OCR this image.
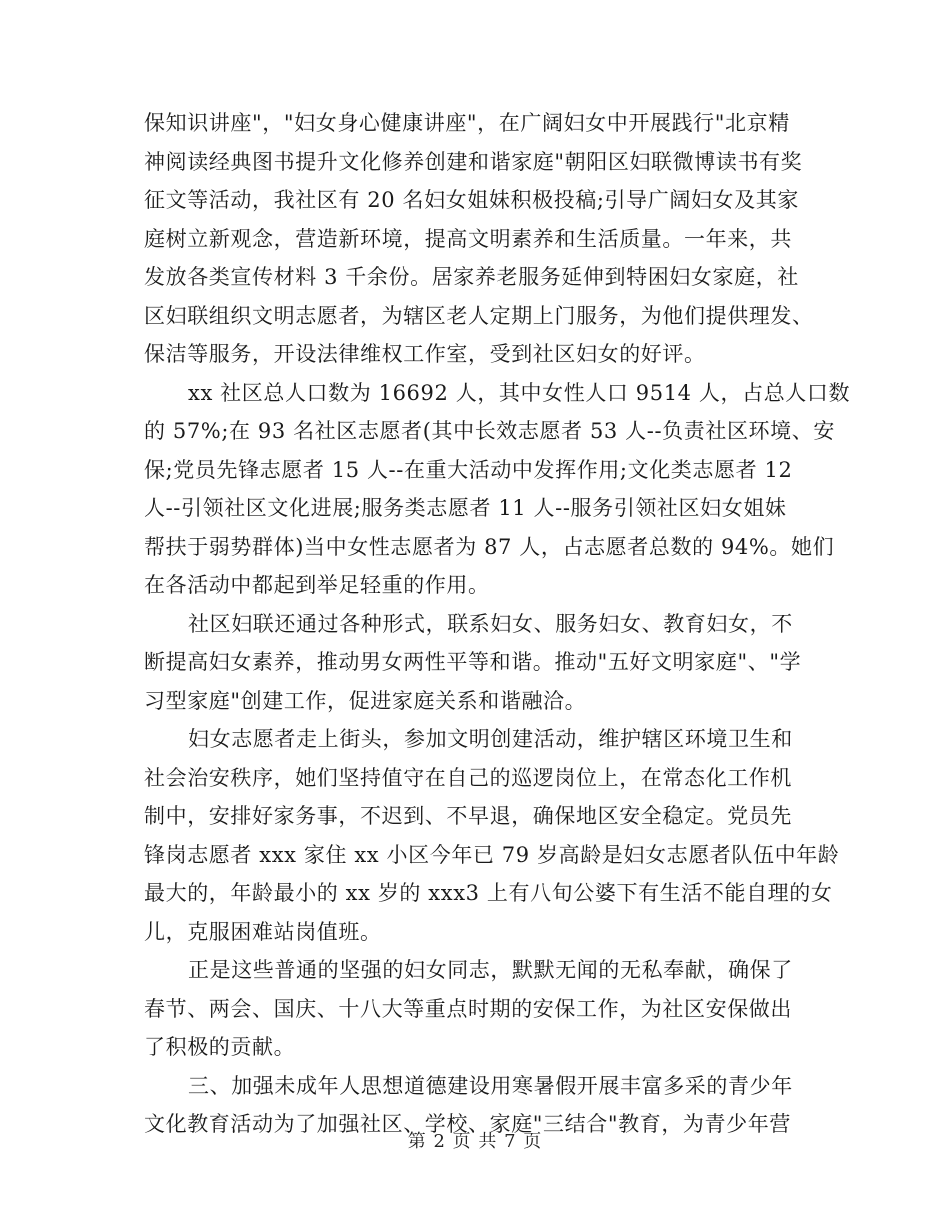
保知识讲座"，"妇女身心健康讲座"，在广阔妇女中开展践行"北京精
神阅读经典图书提升文化修养创建和谐家庭"朝阳区妇联微博读书有奖
征文等活动，我社区有 20 名妇女姐妹积极投稿;引导广阔妇女及其家
庭树立新观念，营造新环境，提高文明素养和生活质量。一年来，共
发放各类宣传材料 3 千余份。居家养老服务延伸到特困妇女家庭，社
区妇联组织文明志愿者，为辖区老人定期上门服务，为他们提供理发、
保洁等服务，开设法律维权工作室，受到社区妇女的好评。

xx 社区总人口数为 16692 人，其中女性人口 9514 人，占总人口数
的 57%;在 93 名社区志愿者(其中长效志愿者 53 人--负责社区环境、安
保;党员先锋志愿者 15 人--在重大活动中发挥作用;文化类志愿者 12
人--引领社区文化进展;服务类志愿者 11 人--服务引领社区妇女姐妹
帮扶于弱势群体)当中女性志愿者为 87 人，占志愿者总数的 94%。她们
在各活动中都起到举足轻重的作用。

社区妇联还通过各种形式，联系妇女、服务妇女、教育妇女，不
断提高妇女素养，推动男女两性平等和谐。推动"五好文明家庭"、"学
习型家庭"创建工作，促进家庭关系和谐融洽。

妇女志愿者走上街头，参加文明创建活动，维护辖区环境卫生和
社会治安秩序，她们坚持值守在自己的巡逻岗位上，在常态化工作机
制中，安排好家务事，不迟到、不早退，确保地区安全稳定。党员先
锋岗志愿者 xxx 家住 xx 小区今年已 79 岁高龄是妇女志愿者队伍中年龄
最大的，年龄最小的 xx 岁的 xxx3 上有八旬公婆下有生活不能自理的女
儿，克服困难站岗值班。

正是这些普通的坚强的妇女同志，默默无闻的无私奉献，确保了
春节、两会、国庆、十八大等重点时期的安保工作，为社区安保做出
了积极的贡献。

三、加强未成年人思想道德建设用寒暑假开展丰富多采的青少年
文化教育活动为了加强社区、学校、家庭"三结合"教育，为青少年营

第 2 页 共 7 页
